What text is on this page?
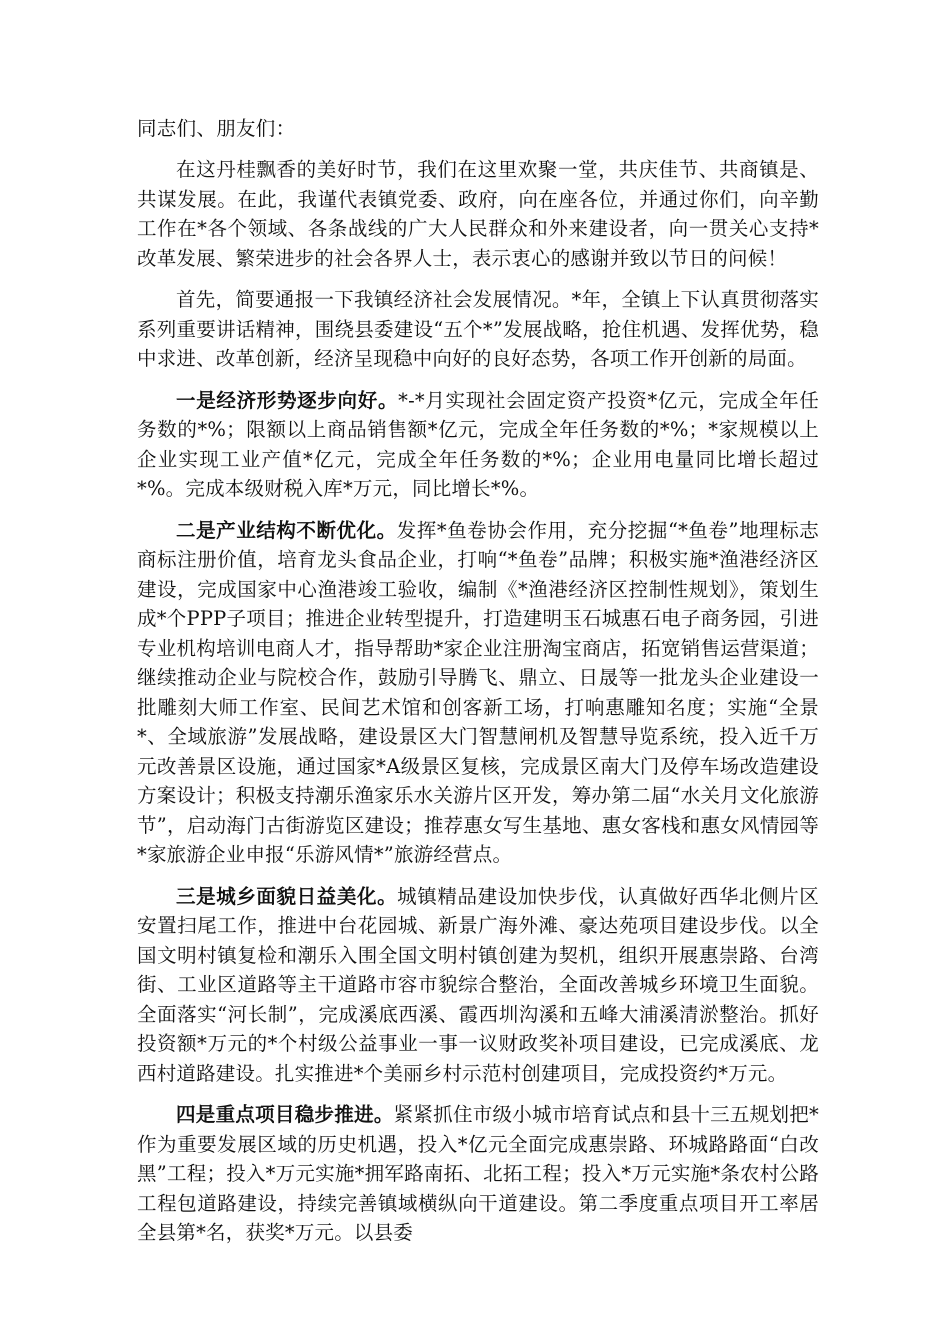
同志们、朋友们：

在这丹桂飘香的美好时节，我们在这里欢聚一堂，共庆佳节、共商镇是、共谋发展。在此，我谨代表镇党委、政府，向在座各位，并通过你们，向辛勤工作在*各个领域、各条战线的广大人民群众和外来建设者，向一贯关心支持*改革发展、繁荣进步的社会各界人士，表示衷心的感谢并致以节日的问候！

首先，简要通报一下我镇经济社会发展情况。*年，全镇上下认真贯彻落实系列重要讲话精神，围绕县委建设“五个*”发展战略，抢住机遇、发挥优势，稳中求进、改革创新，经济呈现稳中向好的良好态势，各项工作开创新的局面。

一是经济形势逐步向好。*-*月实现社会固定资产投资*亿元，完成全年任务数的*%；限额以上商品销售额*亿元，完成全年任务数的*%；*家规模以上企业实现工业产值*亿元，完成全年任务数的*%；企业用电量同比增长超过*%。完成本级财税入库*万元，同比增长*%。

二是产业结构不断优化。发挥*鱼卷协会作用，充分挖掘“*鱼卷”地理标志商标注册价值，培育龙头食品企业，打响“*鱼卷”品牌；积极实施*渔港经济区建设，完成国家中心渔港竣工验收，编制《*渔港经济区控制性规划》，策划生成*个PPP子项目；推进企业转型提升，打造建明玉石城惠石电子商务园，引进专业机构培训电商人才，指导帮助*家企业注册淘宝商店，拓宽销售运营渠道；继续推动企业与院校合作，鼓励引导腾飞、鼎立、日晟等一批龙头企业建设一批雕刻大师工作室、民间艺术馆和创客新工场，打响惠雕知名度；实施“全景*、全域旅游”发展战略，建设景区大门智慧闸机及智慧导览系统，投入近千万元改善景区设施，通过国家*A级景区复核，完成景区南大门及停车场改造建设方案设计；积极支持潮乐渔家乐水关游片区开发，筹办第二届“水关月文化旅游节”，启动海门古街游览区建设；推荐惠女写生基地、惠女客栈和惠女风情园等*家旅游企业申报“乐游风情*”旅游经营点。

三是城乡面貌日益美化。城镇精品建设加快步伐，认真做好西华北侧片区安置扫尾工作，推进中台花园城、新景广海外滩、豪达苑项目建设步伐。以全国文明村镇复检和潮乐入围全国文明村镇创建为契机，组织开展惠崇路、台湾街、工业区道路等主干道路市容市貌综合整治，全面改善城乡环境卫生面貌。全面落实“河长制”，完成溪底西溪、霞西圳沟溪和五峰大浦溪清淤整治。抓好投资额*万元的*个村级公益事业一事一议财政奖补项目建设，已完成溪底、龙西村道路建设。扎实推进*个美丽乡村示范村创建项目，完成投资约*万元。

四是重点项目稳步推进。紧紧抓住市级小城市培育试点和县十三五规划把*作为重要发展区域的历史机遇，投入*亿元全面完成惠崇路、环城路路面“白改黑”工程；投入*万元实施*拥军路南拓、北拓工程；投入*万元实施*条农村公路工程包道路建设，持续完善镇域横纵向干道建设。第二季度重点项目开工率居全县第*名，获奖*万元。以县委
